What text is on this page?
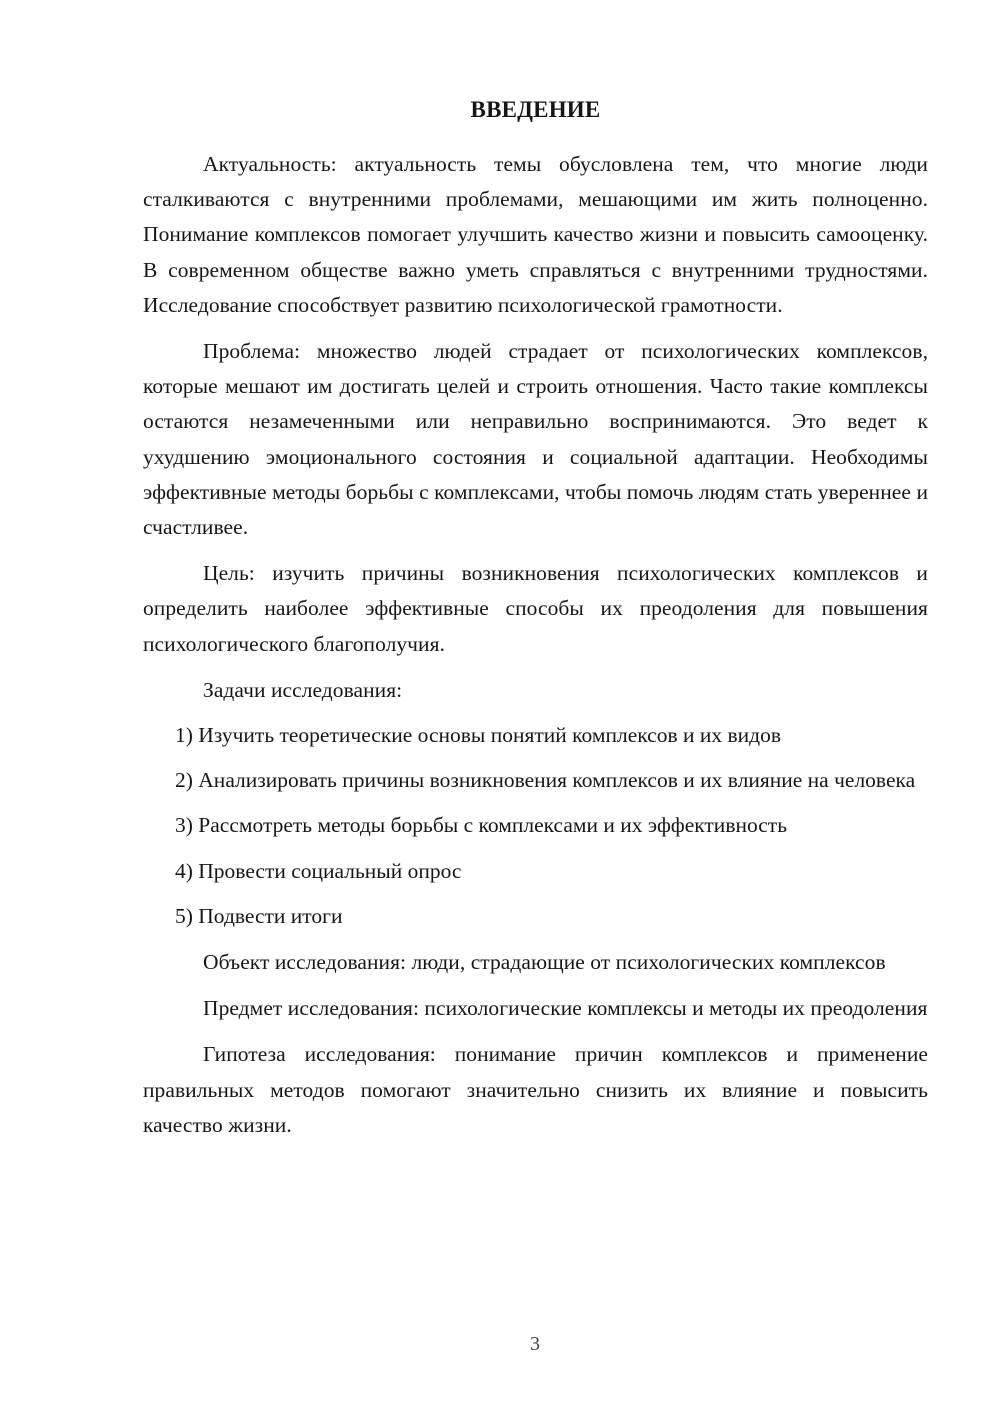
ВВЕДЕНИЕ

Актуальность: актуальность темы обусловлена тем, что многие люди сталкиваются с внутренними проблемами, мешающими им жить полноценно. Понимание комплексов помогает улучшить качество жизни и повысить самооценку. В современном обществе важно уметь справляться с внутренними трудностями. Исследование способствует развитию психологической грамотности.

Проблема: множество людей страдает от психологических комплексов, которые мешают им достигать целей и строить отношения. Часто такие комплексы остаются незамеченными или неправильно воспринимаются. Это ведет к ухудшению эмоционального состояния и социальной адаптации. Необходимы эффективные методы борьбы с комплексами, чтобы помочь людям стать увереннее и счастливее.

Цель: изучить причины возникновения психологических комплексов и определить наиболее эффективные способы их преодоления для повышения психологического благополучия.

Задачи исследования:

1) Изучить теоретические основы понятий комплексов и их видов

2) Анализировать причины возникновения комплексов и их влияние на человека

3) Рассмотреть методы борьбы с комплексами и их эффективность

4) Провести социальный опрос

5) Подвести итоги

Объект исследования: люди, страдающие от психологических комплексов

Предмет исследования: психологические комплексы и методы их преодоления

Гипотеза исследования: понимание причин комплексов и применение правильных методов помогают значительно снизить их влияние и повысить качество жизни.

3
